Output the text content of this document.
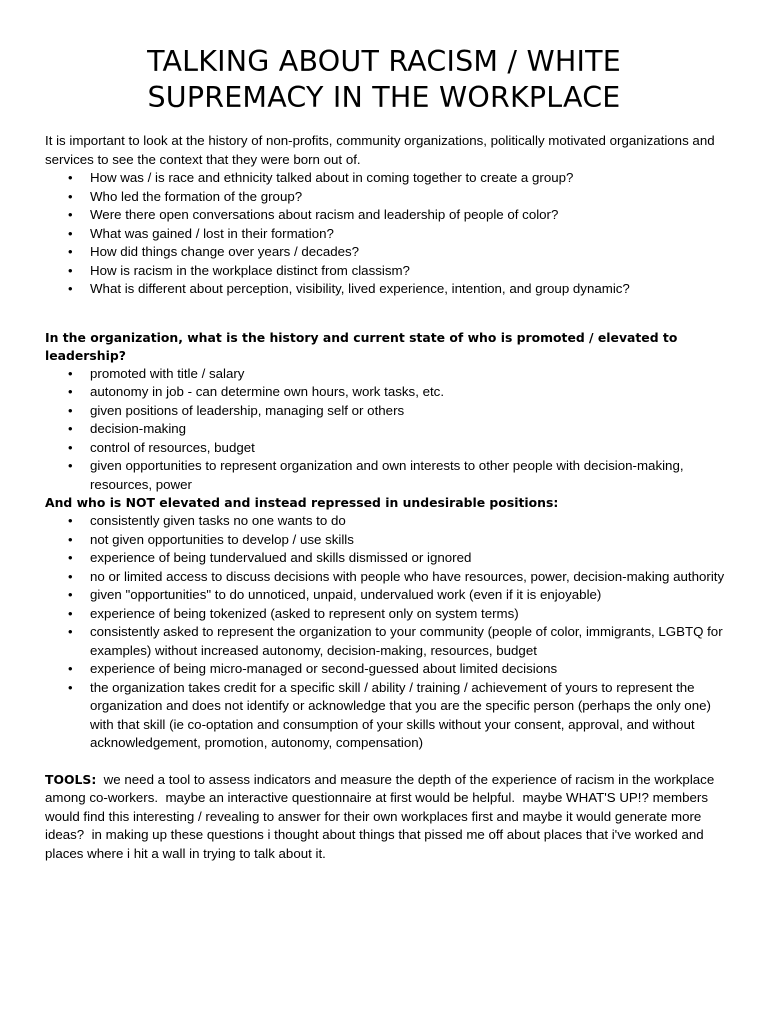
TALKING ABOUT RACISM / WHITE
SUPREMACY IN THE WORKPLACE

It is important to look at the history of non-profits, community organizations, politically motivated organizations and services to see the context that they were born out of.

• How was / is race and ethnicity talked about in coming together to create a group?
• Who led the formation of the group?
• Were there open conversations about racism and leadership of people of color?
• What was gained / lost in their formation?
• How did things change over years / decades?
• How is racism in the workplace distinct from classism?
• What is different about perception, visibility, lived experience, intention, and group dynamic?

In the organization, what is the history and current state of who is promoted / elevated to leadership?

• promoted with title / salary
• autonomy in job - can determine own hours, work tasks, etc.
• given positions of leadership, managing self or others
• decision-making
• control of resources, budget
• given opportunities to represent organization and own interests to other people with decision-making, resources, power

And who is NOT elevated and instead repressed in undesirable positions:

• consistently given tasks no one wants to do
• not given opportunities to develop / use skills
• experience of being tundervalued and skills dismissed or ignored
• no or limited access to discuss decisions with people who have resources, power, decision-making authority
• given "opportunities" to do unnoticed, unpaid, undervalued work (even if it is enjoyable)
• experience of being tokenized (asked to represent only on system terms)
• consistently asked to represent the organization to your community (people of color, immigrants, LGBTQ for examples) without increased autonomy, decision-making, resources, budget
• experience of being micro-managed or second-guessed about limited decisions
• the organization takes credit for a specific skill / ability / training / achievement of yours to represent the organization and does not identify or acknowledge that you are the specific person (perhaps the only one) with that skill (ie co-optation and consumption of your skills without your consent, approval, and without acknowledgement, promotion, autonomy, compensation)

TOOLS:  we need a tool to assess indicators and measure the depth of the experience of racism in the workplace among co-workers.  maybe an interactive questionnaire at first would be helpful.  maybe WHAT'S UP!? members would find this interesting / revealing to answer for their own workplaces first and maybe it would generate more ideas?  in making up these questions i thought about things that pissed me off about places that i've worked and places where i hit a wall in trying to talk about it.
